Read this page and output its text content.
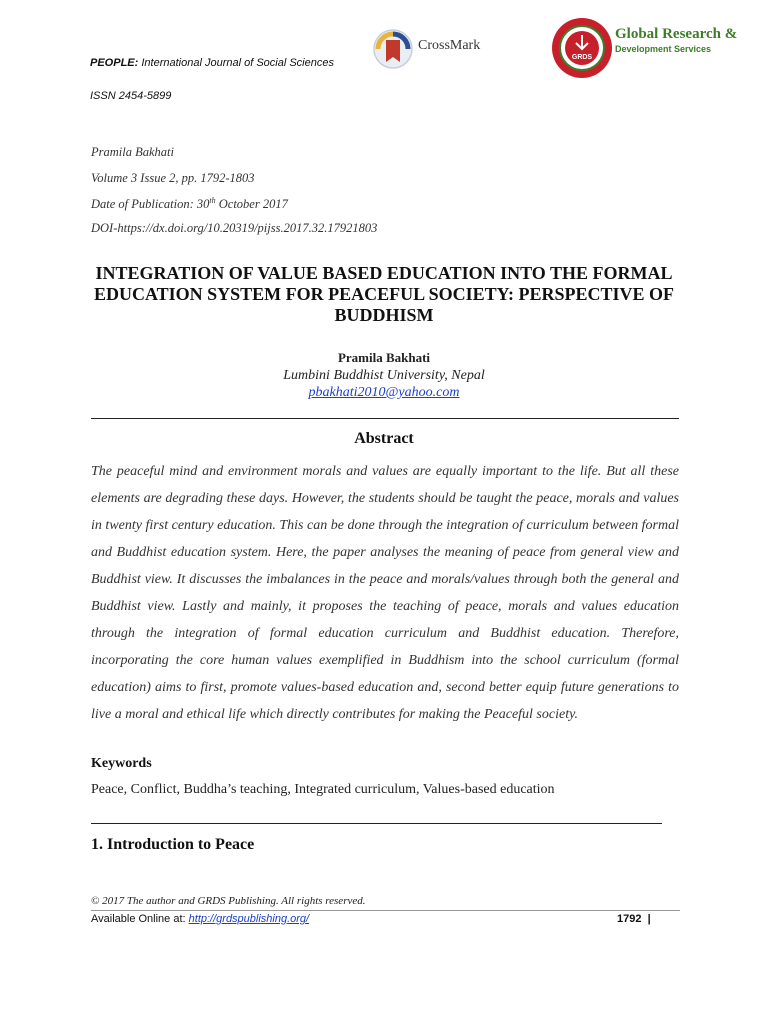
PEOPLE: International Journal of Social Sciences
ISSN 2454-5899
CrossMark
GRDS
Global Research &
Development Services
Pramila Bakhati
Volume 3 Issue 2, pp. 1792-1803
Date of Publication: 30th October 2017
DOI-https://dx.doi.org/10.20319/pijss.2017.32.17921803
INTEGRATION OF VALUE BASED EDUCATION INTO THE FORMAL EDUCATION SYSTEM FOR PEACEFUL SOCIETY: PERSPECTIVE OF BUDDHISM
Pramila Bakhati
Lumbini Buddhist University, Nepal
pbakhati2010@yahoo.com
Abstract
The peaceful mind and environment morals and values are equally important to the life. But all these elements are degrading these days. However, the students should be taught the peace, morals and values in twenty first century education. This can be done through the integration of curriculum between formal and Buddhist education system. Here, the paper analyses the meaning of peace from general view and Buddhist view. It discusses the imbalances in the peace and morals/values through both the general and Buddhist view. Lastly and mainly, it proposes the teaching of peace, morals and values education through the integration of formal education curriculum and Buddhist education. Therefore, incorporating the core human values exemplified in Buddhism into the school curriculum (formal education) aims to first, promote values-based education and, second better equip future generations to live a moral and ethical life which directly contributes for making the Peaceful society.
Keywords
Peace, Conflict, Buddha’s teaching, Integrated curriculum, Values-based education
1. Introduction to Peace
© 2017 The author and GRDS Publishing. All rights reserved.
Available Online at: http://grdspublishing.org/	1792 |
